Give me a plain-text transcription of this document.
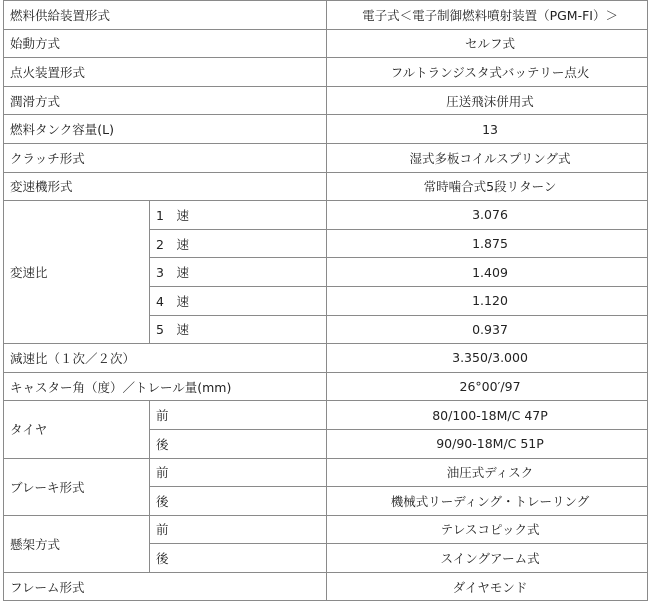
燃料供給装置形式		電子式＜電子制御燃料噴射装置（PGM-FI）＞
始動方式		セルフ式
点火装置形式		フルトランジスタ式バッテリー点火
潤滑方式		圧送飛沫併用式
燃料タンク容量(L)		13
クラッチ形式		湿式多板コイルスプリング式
変速機形式		常時噛合式5段リターン
変速比	1　速	3.076
	2　速	1.875
	3　速	1.409
	4　速	1.120
	5　速	0.937
減速比（１次／２次）		3.350/3.000
キャスター角（度）／トレール量(mm)		26°00′/97
タイヤ	前	80/100-18M/C 47P
	後	90/90-18M/C 51P
ブレーキ形式	前	油圧式ディスク
	後	機械式リーディング・トレーリング
懸架方式	前	テレスコピック式
	後	スイングアーム式
フレーム形式		ダイヤモンド
